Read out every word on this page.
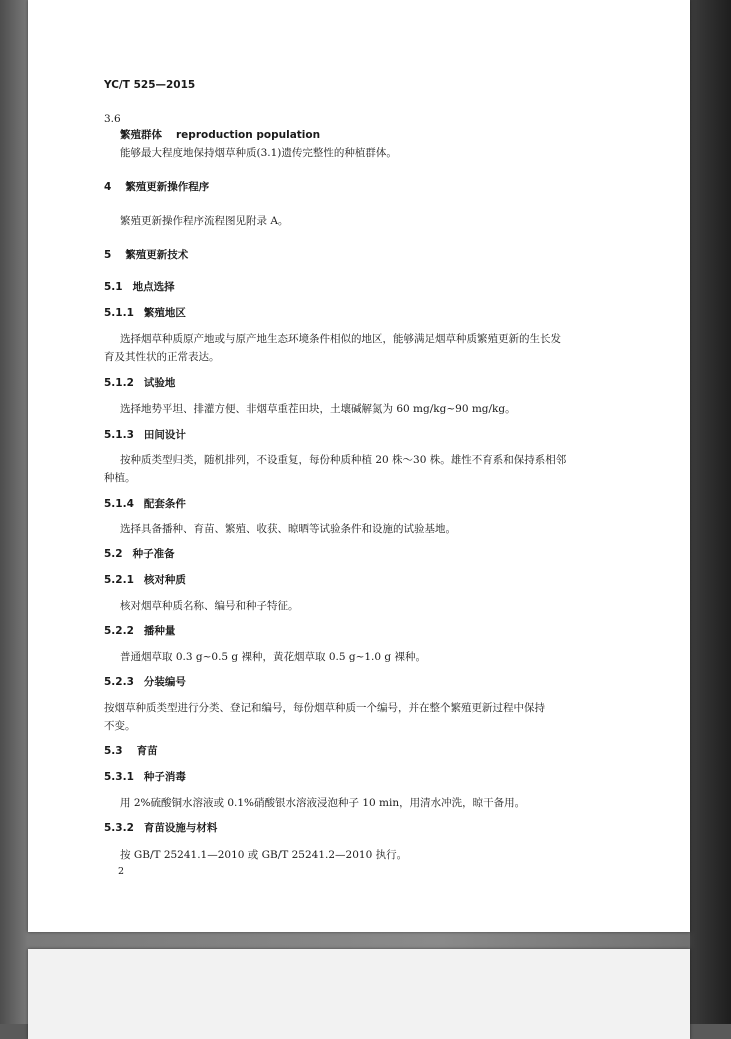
YC/T 525—2015
3.6
繁殖群体 reproduction population
能够最大程度地保持烟草种质(3.1)遗传完整性的种植群体。
4 繁殖更新操作程序
繁殖更新操作程序流程图见附录 A。
5 繁殖更新技术
5.1 地点选择
5.1.1 繁殖地区
选择烟草种质原产地或与原产地生态环境条件相似的地区，能够满足烟草种质繁殖更新的生长发
育及其性状的正常表达。
5.1.2 试验地
选择地势平坦、排灌方便、非烟草重茬田块，土壤碱解氮为 60 mg/kg~90 mg/kg。
5.1.3 田间设计
按种质类型归类，随机排列，不设重复，每份种质种植 20 株～30 株。雄性不育系和保持系相邻
种植。
5.1.4 配套条件
选择具备播种、育苗、繁殖、收获、晾晒等试验条件和设施的试验基地。
5.2 种子准备
5.2.1 核对种质
核对烟草种质名称、编号和种子特征。
5.2.2 播种量
普通烟草取 0.3 g~0.5 g 裸种，黄花烟草取 0.5 g~1.0 g 裸种。
5.2.3 分装编号
按烟草种质类型进行分类、登记和编号，每份烟草种质一个编号，并在整个繁殖更新过程中保持
不变。
5.3 育苗
5.3.1 种子消毒
用 2%硫酸铜水溶液或 0.1%硝酸银水溶液浸泡种子 10 min，用清水冲洗，晾干备用。
5.3.2 育苗设施与材料
按 GB/T 25241.1—2010 或 GB/T 25241.2—2010 执行。
2
